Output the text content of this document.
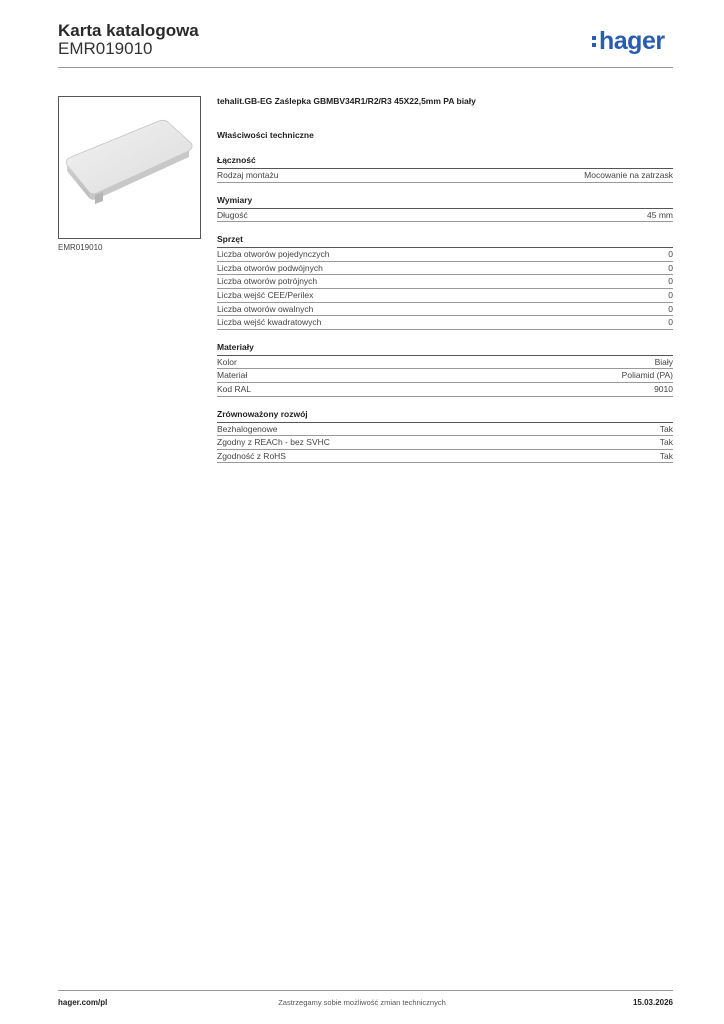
Karta katalogowa
EMR019010	hager
EMR019010
tehalit.GB-EG Zaślepka GBMBV34R1/R2/R3 45X22,5mm PA biały
Właściwości techniczne
Łączność
Rodzaj montażu	Mocowanie na zatrzask
Wymiary
Długość	45 mm
Sprzęt
Liczba otworów pojedynczych	0
Liczba otworów podwójnych	0
Liczba otworów potrójnych	0
Liczba wejść CEE/Perilex	0
Liczba otworów owalnych	0
Liczba wejść kwadratowych	0
Materiały
Kolor	Biały
Materiał	Poliamid (PA)
Kod RAL	9010
Zrównoważony rozwój
Bezhalogenowe	Tak
Zgodny z REACh - bez SVHC	Tak
Zgodność z RoHS	Tak
hager.com/pl	Zastrzegamy sobie możliwość zmian technicznych	15.03.2026
